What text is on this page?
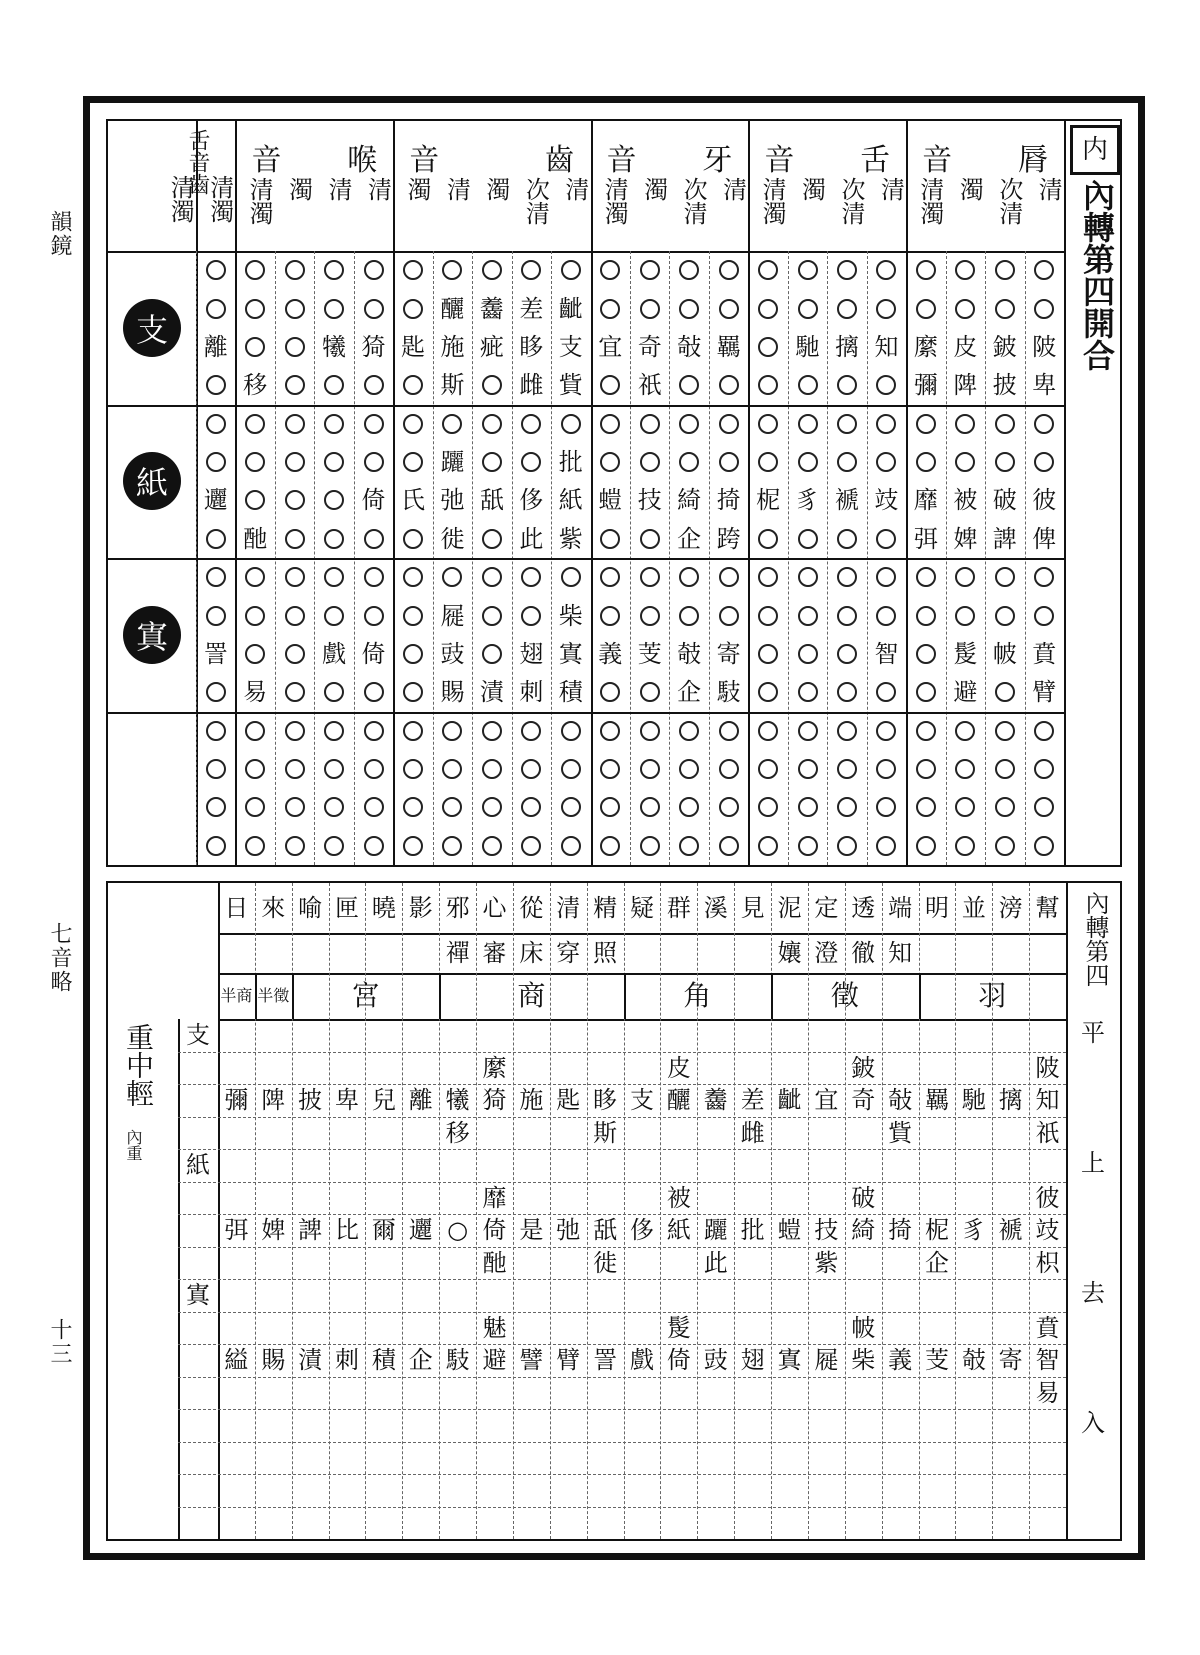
韻鏡
七音略
十三
内
內轉第四開合
脣
音
清
次清
濁
清濁
舌
音
清
次清
濁
清濁
牙
音
清
次清
濁
清濁
齒
音
清
次清
濁
清
濁
喉
音
清
清
濁
清濁
舌音齒
清濁
清濁
支
紙
寘
齜
差
齹
釃
陂
鈹
皮
縻
知
摛
馳
羈
敧
奇
宜
支
眵
疵
施
匙
猗
犧
離
卑
披
陴
彌
祇
貲
雌
斯
移
批
躧
彼
破
被
靡
攱
褫
豸
柅
掎
綺
技
螘
紙
侈
舐
弛
氏
倚
邐
俾
諀
婢
弭
跨
企
紫
此
徙
酏
柴
屣
賁
帔
髲
智
寄
攲
芰
義
寘
翅
豉
倚
戲
詈
臂
避
馶
企
積
刺
漬
賜
易
內轉第四
平
上
去
入
重中輕
內重
支
紙
寘
幫
滂
並
明
端
知
透
徹
定
澄
泥
孃
見
溪
群
疑
精
照
清
穿
從
床
心
審
邪
禪
影
曉
匣
喻
來
日
羽
徵
角
商
宮
半徵
半商
陂
鈹
皮
縻
知
摛
馳
羈
敧
奇
宜
齜
差
齹
釃
支
眵
匙
施
猗
犧
離
兒
卑
披
陴
彌
祇
貲
雌
斯
移
彼
破
被
靡
攱
褫
豸
柅
掎
綺
技
螘
批
躧
紙
侈
舐
弛
是
倚
○
邐
爾
比
諀
婢
弭
枳
企
紫
此
徙
酏
賁
帔
髲
魅
智
寄
攲
芰
義
柴
屣
寘
翅
豉
倚
戲
詈
臂
譬
避
馶
企
積
刺
漬
賜
縊
易
